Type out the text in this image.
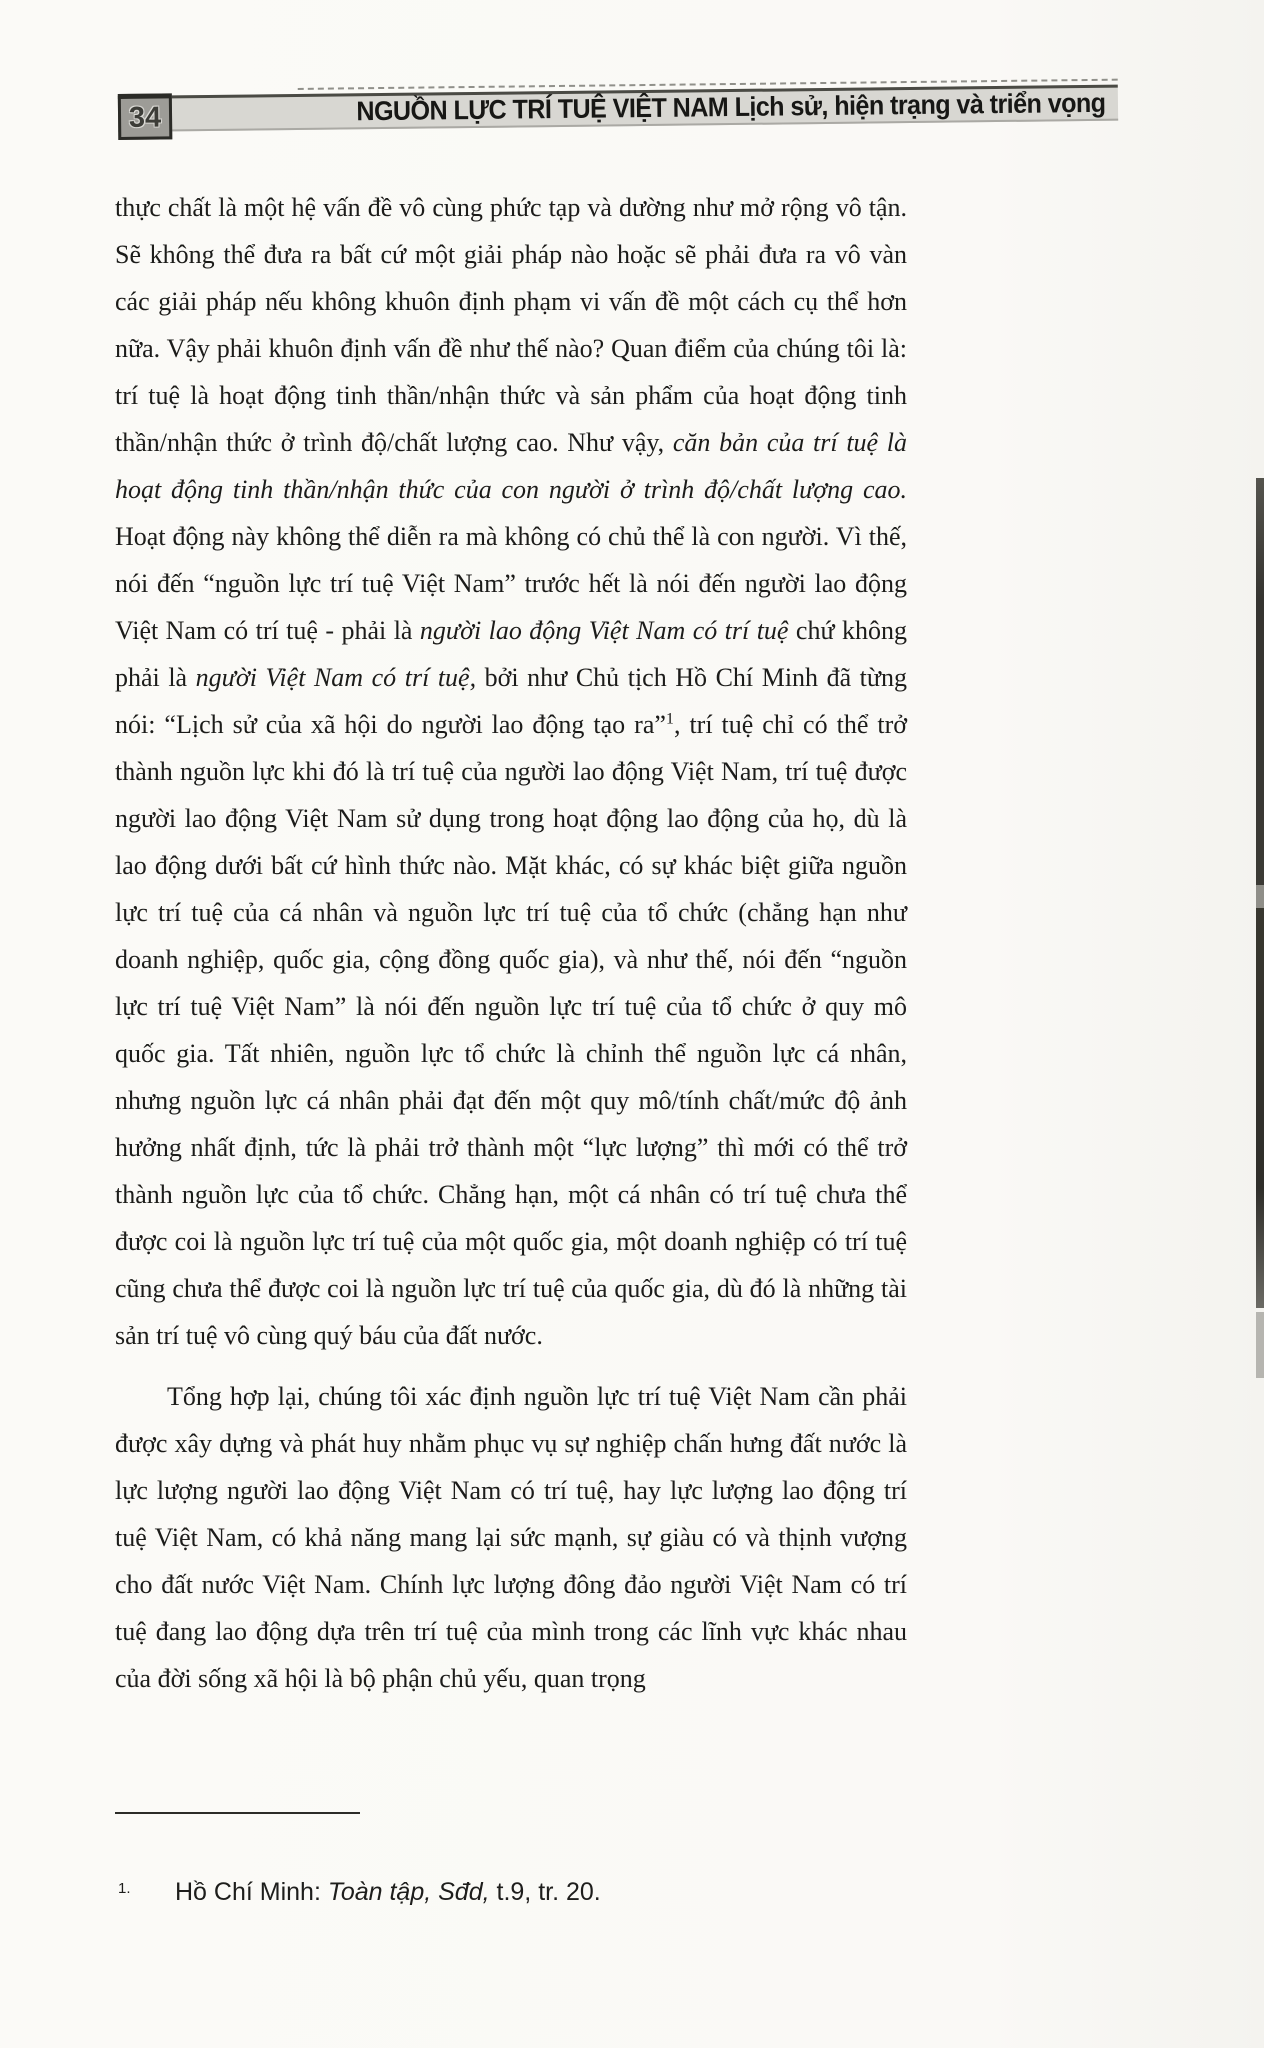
NGUỒN LỰC TRÍ TUỆ VIỆT NAM Lịch sử, hiện trạng và triển vọng
34

thực chất là một hệ vấn đề vô cùng phức tạp và dường như mở rộng vô tận. Sẽ không thể đưa ra bất cứ một giải pháp nào hoặc sẽ phải đưa ra vô vàn các giải pháp nếu không khuôn định phạm vi vấn đề một cách cụ thể hơn nữa. Vậy phải khuôn định vấn đề như thế nào? Quan điểm của chúng tôi là: trí tuệ là hoạt động tinh thần/nhận thức và sản phẩm của hoạt động tinh thần/nhận thức ở trình độ/chất lượng cao. Như vậy, căn bản của trí tuệ là hoạt động tinh thần/nhận thức của con người ở trình độ/chất lượng cao. Hoạt động này không thể diễn ra mà không có chủ thể là con người. Vì thế, nói đến “nguồn lực trí tuệ Việt Nam” trước hết là nói đến người lao động Việt Nam có trí tuệ - phải là người lao động Việt Nam có trí tuệ chứ không phải là người Việt Nam có trí tuệ, bởi như Chủ tịch Hồ Chí Minh đã từng nói: “Lịch sử của xã hội do người lao động tạo ra”$^1$, trí tuệ chỉ có thể trở thành nguồn lực khi đó là trí tuệ của người lao động Việt Nam, trí tuệ được người lao động Việt Nam sử dụng trong hoạt động lao động của họ, dù là lao động dưới bất cứ hình thức nào. Mặt khác, có sự khác biệt giữa nguồn lực trí tuệ của cá nhân và nguồn lực trí tuệ của tổ chức (chẳng hạn như doanh nghiệp, quốc gia, cộng đồng quốc gia), và như thế, nói đến “nguồn lực trí tuệ Việt Nam” là nói đến nguồn lực trí tuệ của tổ chức ở quy mô quốc gia. Tất nhiên, nguồn lực tổ chức là chỉnh thể nguồn lực cá nhân, nhưng nguồn lực cá nhân phải đạt đến một quy mô/tính chất/mức độ ảnh hưởng nhất định, tức là phải trở thành một “lực lượng” thì mới có thể trở thành nguồn lực của tổ chức. Chẳng hạn, một cá nhân có trí tuệ chưa thể được coi là nguồn lực trí tuệ của một quốc gia, một doanh nghiệp có trí tuệ cũng chưa thể được coi là nguồn lực trí tuệ của quốc gia, dù đó là những tài sản trí tuệ vô cùng quý báu của đất nước.

Tổng hợp lại, chúng tôi xác định nguồn lực trí tuệ Việt Nam cần phải được xây dựng và phát huy nhằm phục vụ sự nghiệp chấn hưng đất nước là lực lượng người lao động Việt Nam có trí tuệ, hay lực lượng lao động trí tuệ Việt Nam, có khả năng mang lại sức mạnh, sự giàu có và thịnh vượng cho đất nước Việt Nam. Chính lực lượng đông đảo người Việt Nam có trí tuệ đang lao động dựa trên trí tuệ của mình trong các lĩnh vực khác nhau của đời sống xã hội là bộ phận chủ yếu, quan trọng

1.	Hồ Chí Minh: Toàn tập, Sđd, t.9, tr. 20.
